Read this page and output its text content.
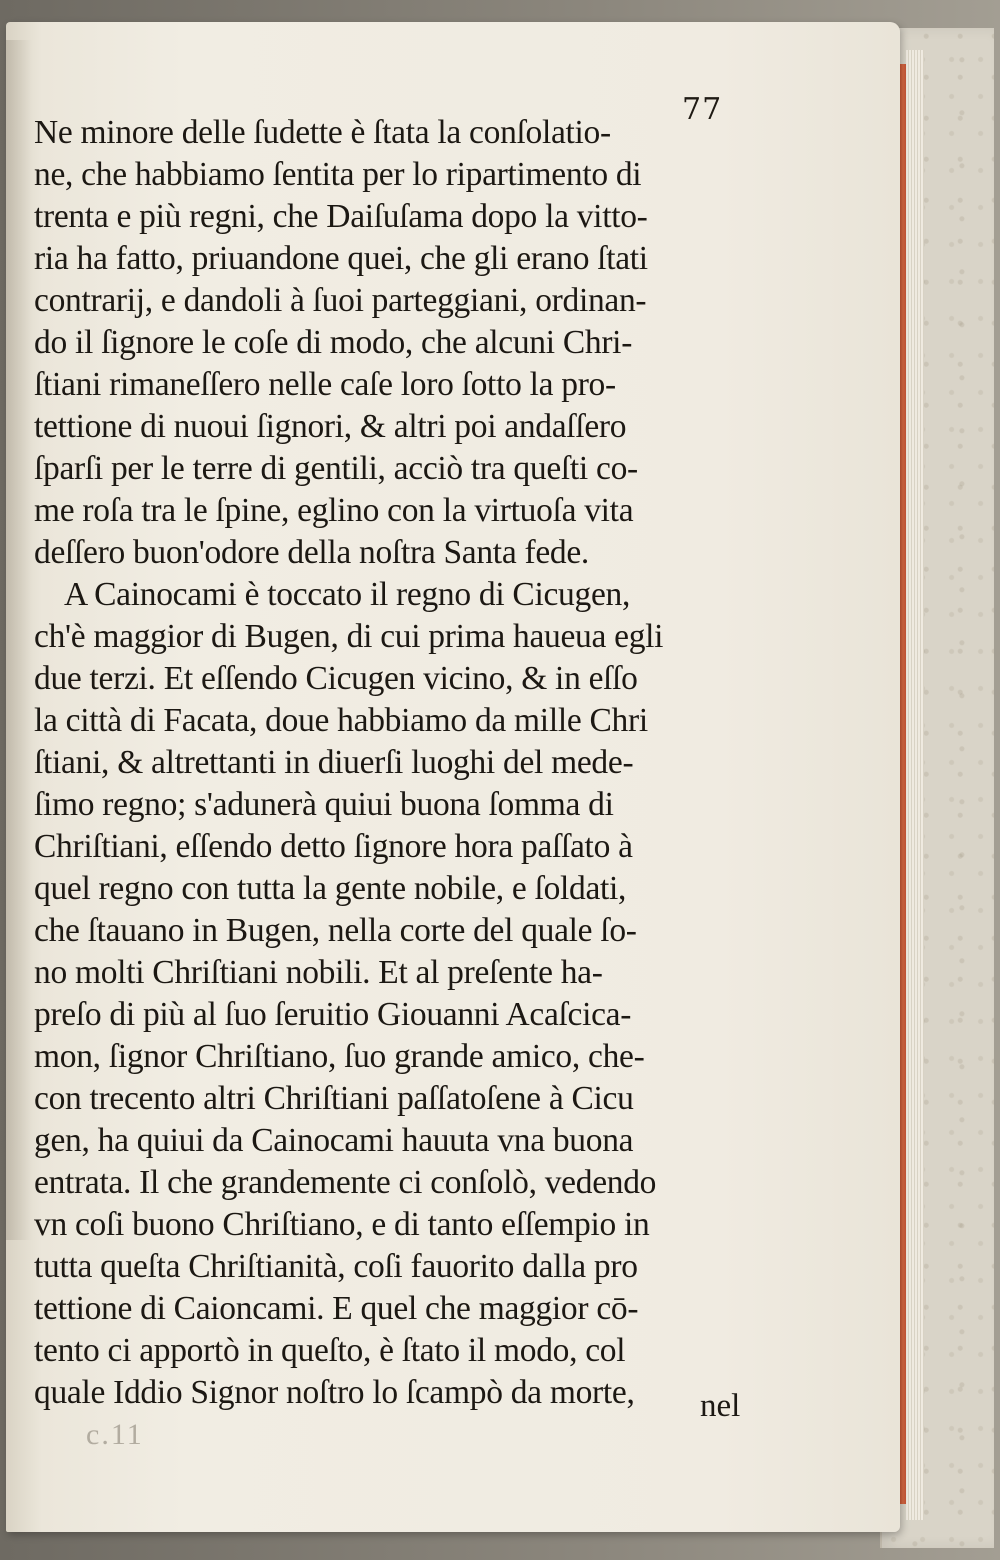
77
Ne minore delle ſudette è ſtata la conſolatio-
ne, che habbiamo ſentita per lo ripartimento di
trenta e più regni, che Daiſuſama dopo la vitto-
ria ha fatto, priuandone quei, che gli erano ſtati
contrarij, e dandoli à ſuoi parteggiani, ordinan-
do il ſignore le coſe di modo, che alcuni Chri-
ſtiani rimaneſſero nelle caſe loro ſotto la pro-
tettione di nuoui ſignori, & altri poi andaſſero
ſparſi per le terre di gentili, acciò tra queſti co-
me roſa tra le ſpine, eglino con la virtuoſa vita
deſſero buon'odore della noſtra Santa fede.
A Cainocami è toccato il regno di Cicugen,
ch'è maggior di Bugen, di cui prima haueua egli
due terzi. Et eſſendo Cicugen vicino, & in eſſo
la città di Facata, doue habbiamo da mille Chri
ſtiani, & altrettanti in diuerſi luoghi del mede-
ſimo regno; s'adunerà quiui buona ſomma di
Chriſtiani, eſſendo detto ſignore hora paſſato à
quel regno con tutta la gente nobile, e ſoldati,
che ſtauano in Bugen, nella corte del quale ſo-
no molti Chriſtiani nobili. Et al preſente ha-
preſo di più al ſuo ſeruitio Giouanni Acaſcica-
mon, ſignor Chriſtiano, ſuo grande amico, che-
con trecento altri Chriſtiani paſſatoſene à Cicu
gen, ha quiui da Cainocami hauuta vna buona
entrata. Il che grandemente ci conſolò, vedendo
vn coſi buono Chriſtiano, e di tanto eſſempio in
tutta queſta Chriſtianità, coſi fauorito dalla pro
tettione di Caioncami. E quel che maggior cō-
tento ci apportò in queſto, è ſtato il modo, col
quale Iddio Signor noſtro lo ſcampò da morte,	nel
c.11
